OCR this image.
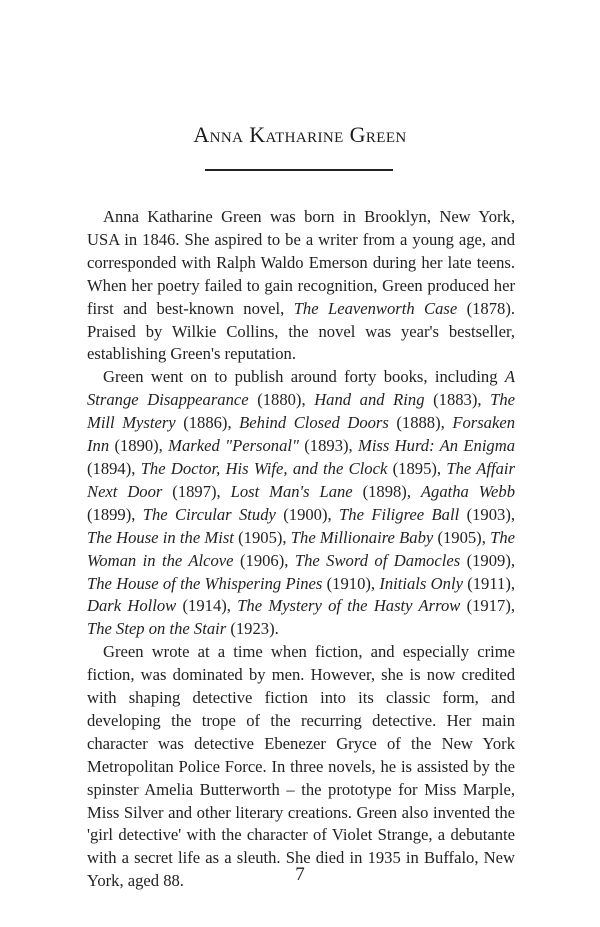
Anna Katharine Green

Anna Katharine Green was born in Brooklyn, New York, USA in 1846. She aspired to be a writer from a young age, and corresponded with Ralph Waldo Emerson during her late teens. When her poetry failed to gain recognition, Green produced her first and best-known novel, The Leavenworth Case (1878). Praised by Wilkie Collins, the novel was year's bestseller, establishing Green's reputation.

Green went on to publish around forty books, including A Strange Disappearance (1880), Hand and Ring (1883), The Mill Mystery (1886), Behind Closed Doors (1888), Forsaken Inn (1890), Marked "Personal" (1893), Miss Hurd: An Enigma (1894), The Doctor, His Wife, and the Clock (1895), The Affair Next Door (1897), Lost Man's Lane (1898), Agatha Webb (1899), The Circular Study (1900), The Filigree Ball (1903), The House in the Mist (1905), The Millionaire Baby (1905), The Woman in the Alcove (1906), The Sword of Damocles (1909), The House of the Whispering Pines (1910), Initials Only (1911), Dark Hollow (1914), The Mystery of the Hasty Arrow (1917), The Step on the Stair (1923).

Green wrote at a time when fiction, and especially crime fiction, was dominated by men. However, she is now credited with shaping detective fiction into its classic form, and developing the trope of the recurring detective. Her main character was detective Ebenezer Gryce of the New York Metropolitan Police Force. In three novels, he is assisted by the spinster Amelia Butterworth – the prototype for Miss Marple, Miss Silver and other literary creations. Green also invented the 'girl detective' with the character of Violet Strange, a debutante with a secret life as a sleuth. She died in 1935 in Buffalo, New York, aged 88.	7
